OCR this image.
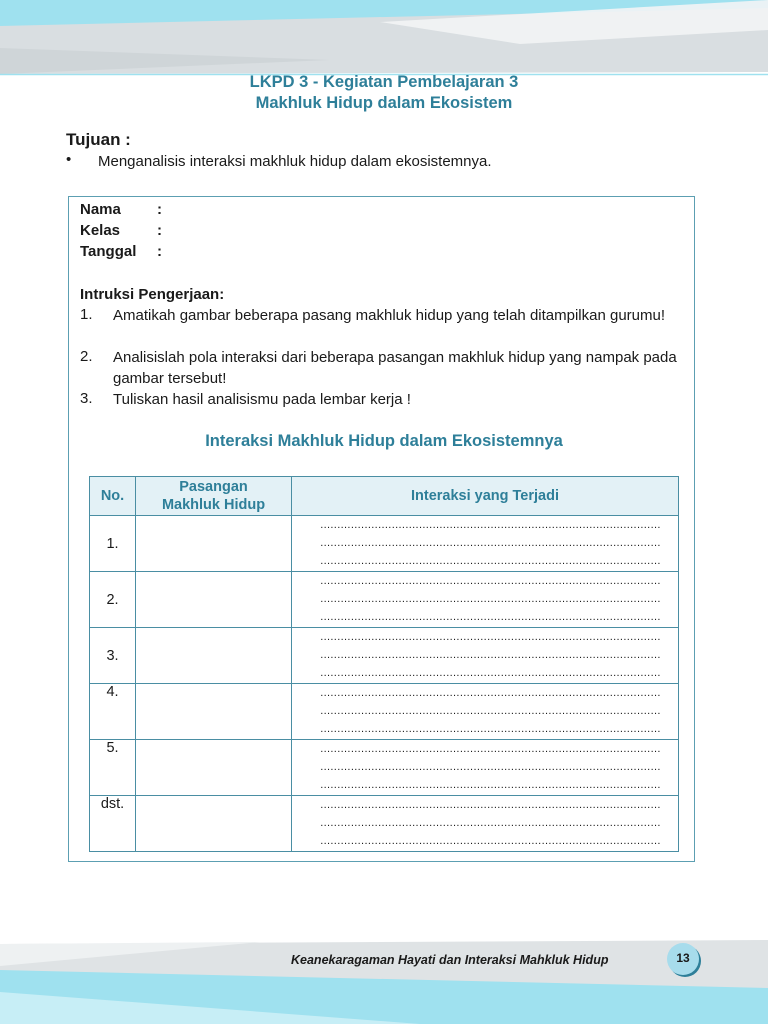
LKPD 3 - Kegiatan Pembelajaran 3
Makhluk Hidup dalam Ekosistem
Tujuan :
• Menganalisis interaksi makhluk hidup dalam ekosistemnya.
Nama :
Kelas :
Tanggal :
Intruksi Pengerjaan:
1. Amatikah gambar beberapa pasang makhluk hidup yang telah ditampilkan gurumu!
2. Analisislah pola interaksi dari beberapa pasangan makhluk hidup yang nampak pada gambar tersebut!
3. Tuliskan hasil analisismu pada lembar kerja !
Interaksi Makhluk Hidup dalam Ekosistemnya
No.	Pasangan Makhluk Hidup	Interaksi yang Terjadi
1.		....................................................................................................
....................................................................................................
....................................................................................................

2.		....................................................................................................
....................................................................................................
....................................................................................................

3.		....................................................................................................
....................................................................................................
....................................................................................................

4.		....................................................................................................
....................................................................................................
....................................................................................................

5.		....................................................................................................
....................................................................................................
....................................................................................................

dst.		....................................................................................................
....................................................................................................
....................................................................................................
Keanekaragaman Hayati dan Interaksi Mahkluk Hidup	13
